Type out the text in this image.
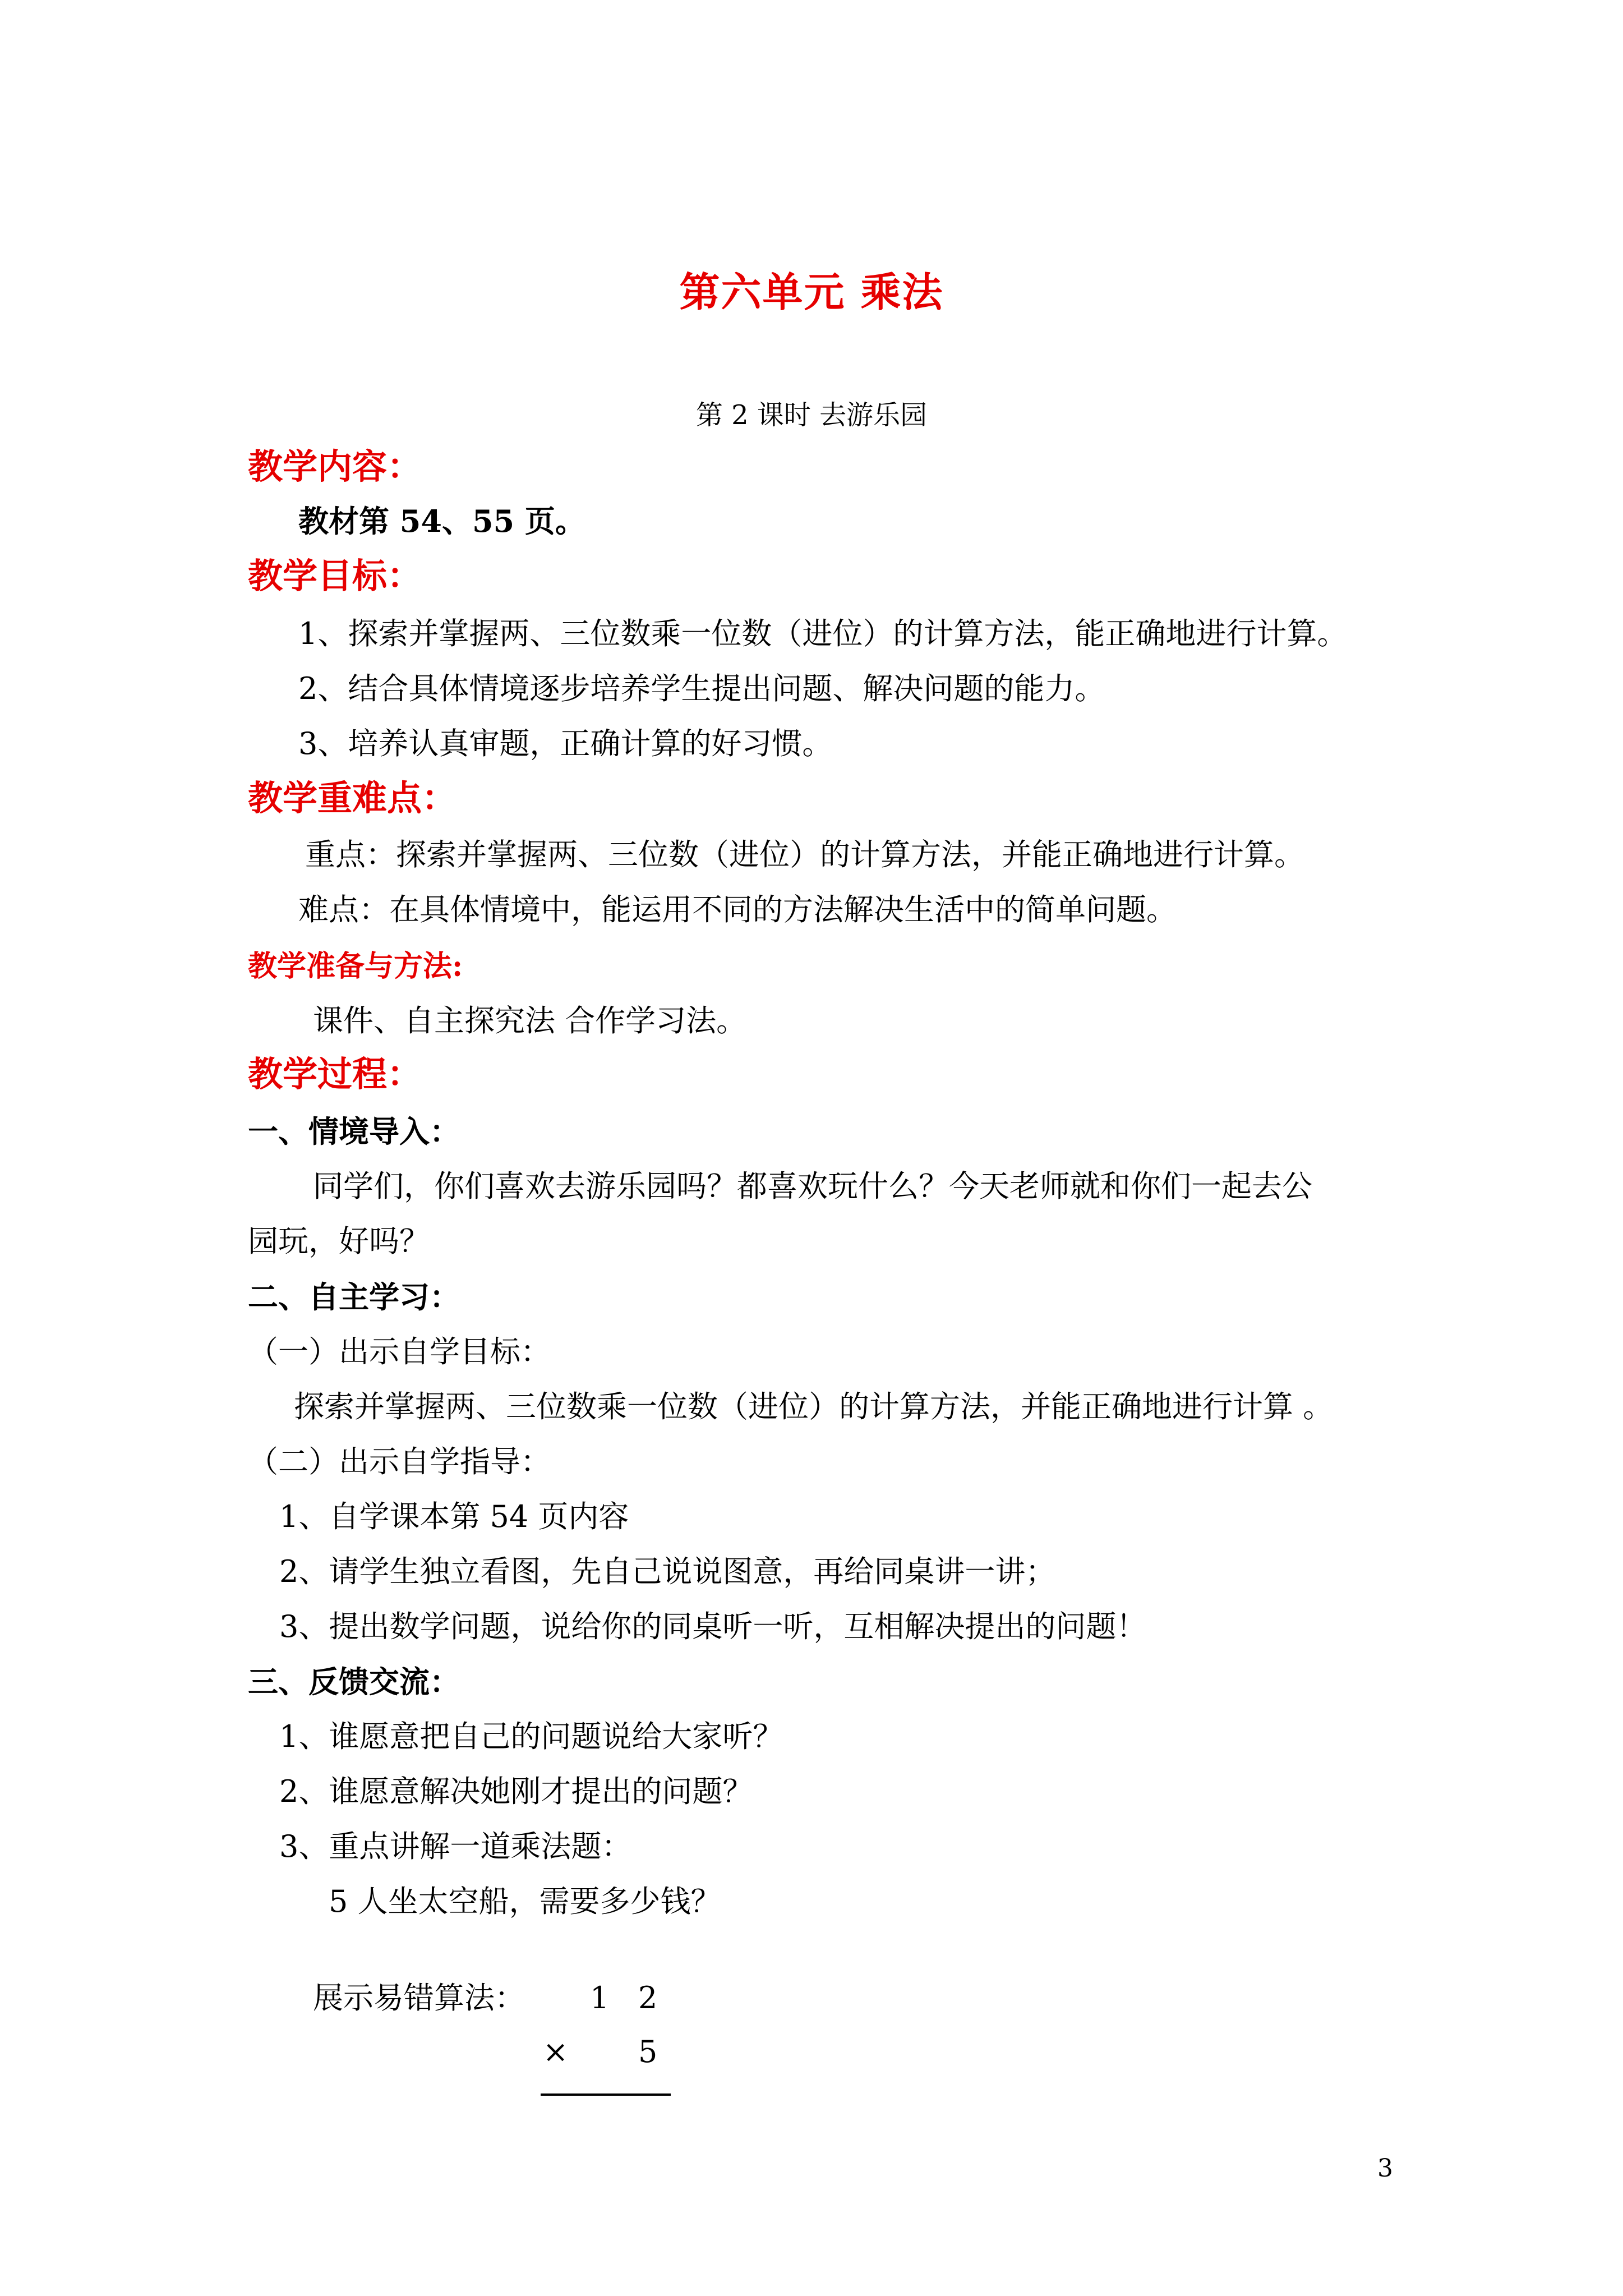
第六单元 乘法
第 2 课时 去游乐园
教学内容：
教材第 54、55 页。
教学目标：
1、探索并掌握两、三位数乘一位数（进位）的计算方法，能正确地进行计算。
2、结合具体情境逐步培养学生提出问题、解决问题的能力。
3、培养认真审题，正确计算的好习惯。
教学重难点：
重点：探索并掌握两、三位数（进位）的计算方法，并能正确地进行计算。
难点：在具体情境中，能运用不同的方法解决生活中的简单问题。
教学准备与方法:
课件、自主探究法 合作学习法。
教学过程：
一、情境导入：
同学们，你们喜欢去游乐园吗？都喜欢玩什么？今天老师就和你们一起去公
园玩，好吗？
二、自主学习：
（一）出示自学目标：
探索并掌握两、三位数乘一位数（进位）的计算方法，并能正确地进行计算 。
（二）出示自学指导：
1、自学课本第 54 页内容
2、请学生独立看图，先自己说说图意，再给同桌讲一讲；
3、提出数学问题，说给你的同桌听一听，互相解决提出的问题！
三、反馈交流：
1、谁愿意把自己的问题说给大家听？
2、谁愿意解决她刚才提出的问题？
3、重点讲解一道乘法题：
5 人坐太空船，需要多少钱？
展示易错算法： 1   2
× 5
3
